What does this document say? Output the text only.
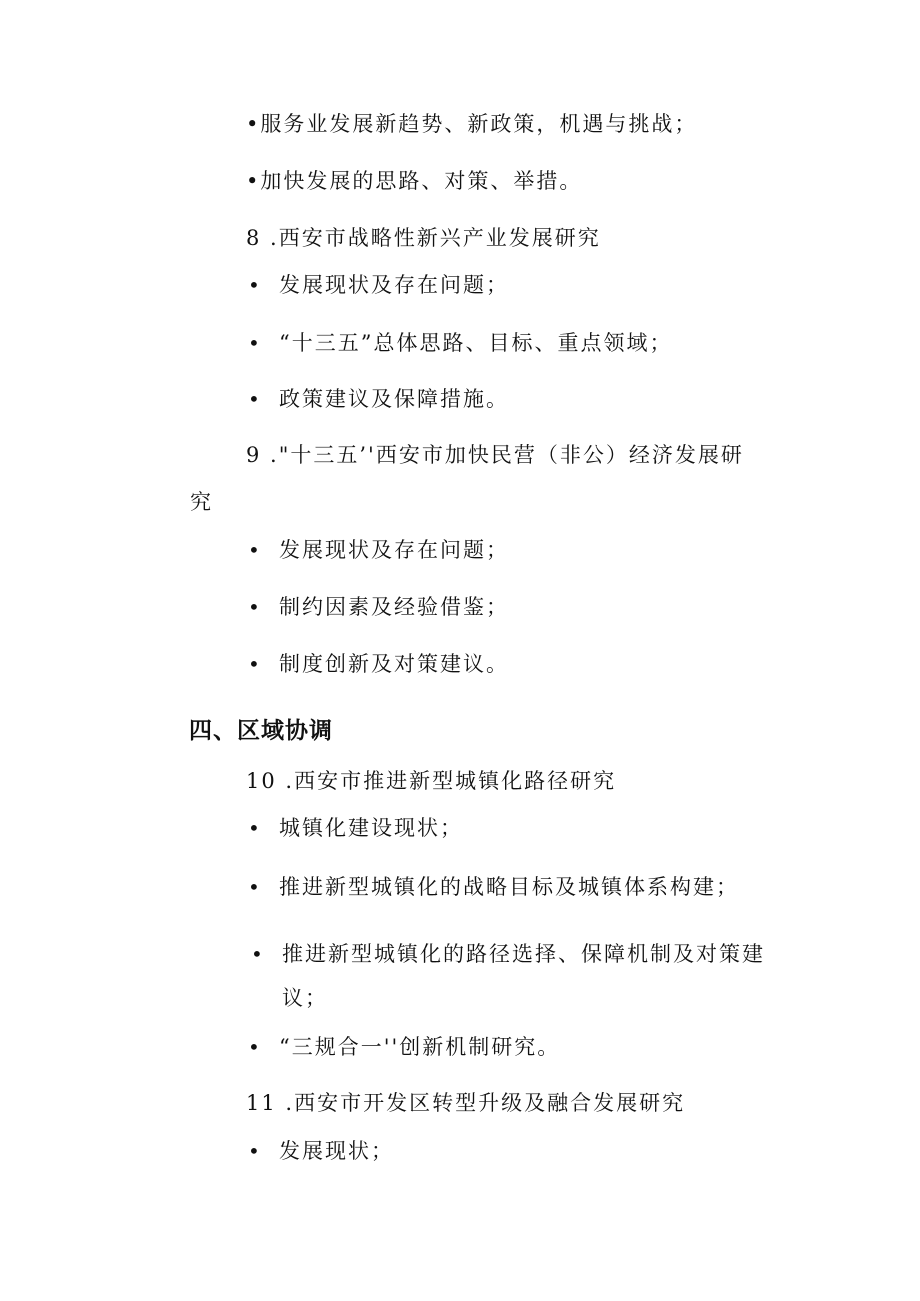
•服务业发展新趋势、新政策，机遇与挑战；
•加快发展的思路、对策、举措。
8 .西安市战略性新兴产业发展研究
• 发展现状及存在问题；
• “十三五”总体思路、目标、重点领域；
• 政策建议及保障措施。
9 ."十三五’'西安市加快民营（非公）经济发展研
究
• 发展现状及存在问题；
• 制约因素及经验借鉴；
• 制度创新及对策建议。
四、区域协调
10 .西安市推进新型城镇化路径研究
• 城镇化建设现状；
• 推进新型城镇化的战略目标及城镇体系构建；
• 推进新型城镇化的路径选择、保障机制及对策建
议；
• “三规合一''创新机制研究。
11 .西安市开发区转型升级及融合发展研究
• 发展现状；
